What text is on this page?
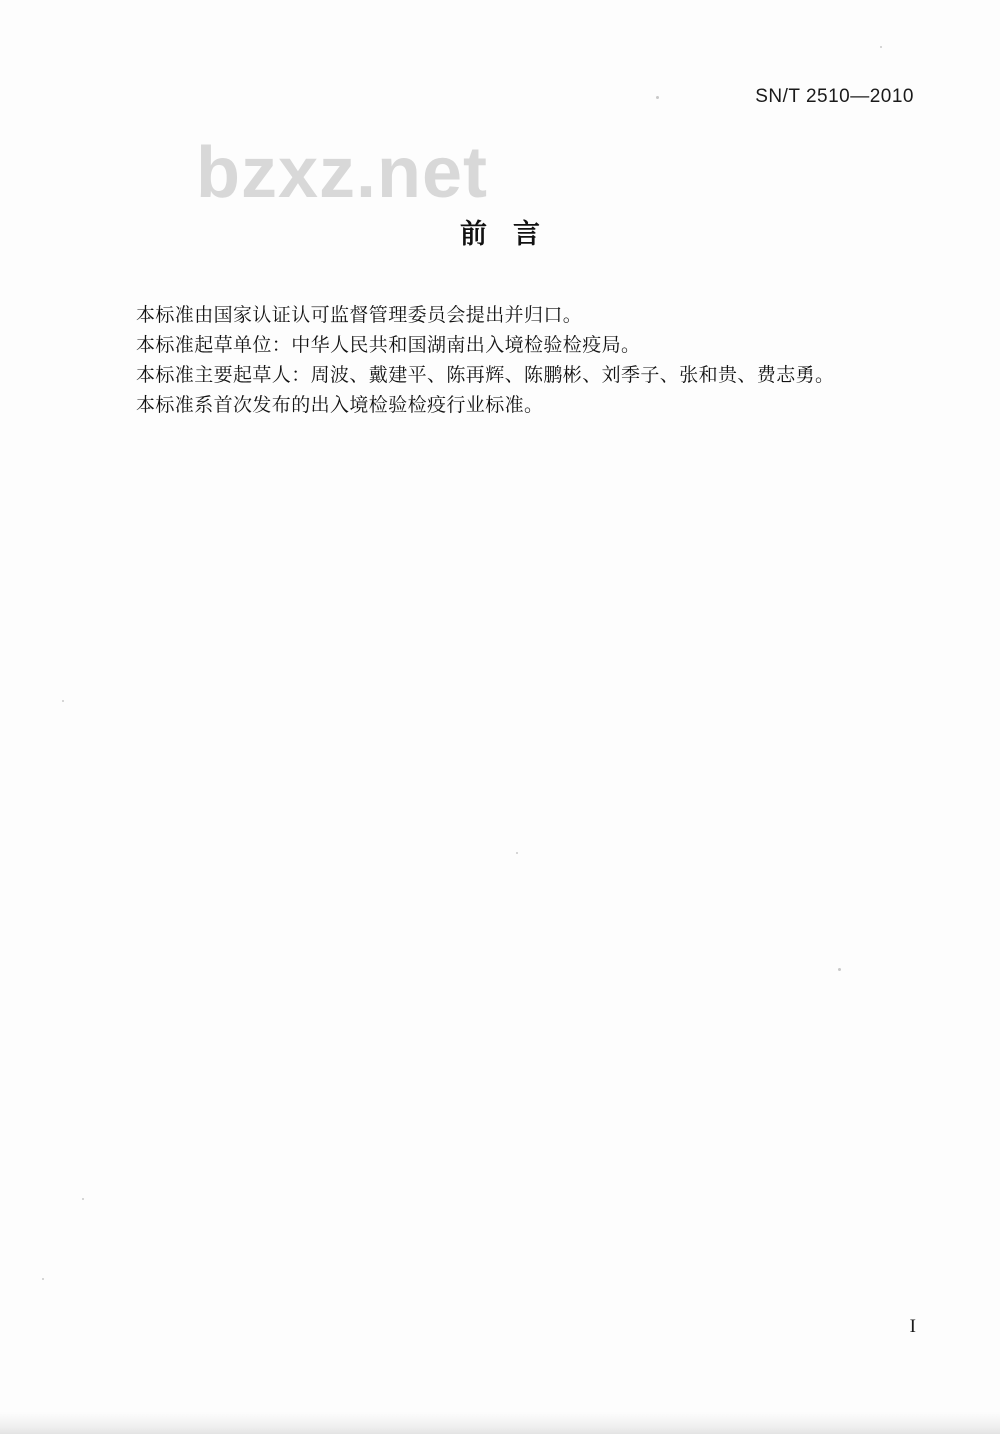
SN/T 2510—2010
bzxz.net
前言
本标准由国家认证认可监督管理委员会提出并归口。
本标准起草单位：中华人民共和国湖南出入境检验检疫局。
本标准主要起草人：周波、戴建平、陈再辉、陈鹏彬、刘季子、张和贵、费志勇。
本标准系首次发布的出入境检验检疫行业标准。
I
